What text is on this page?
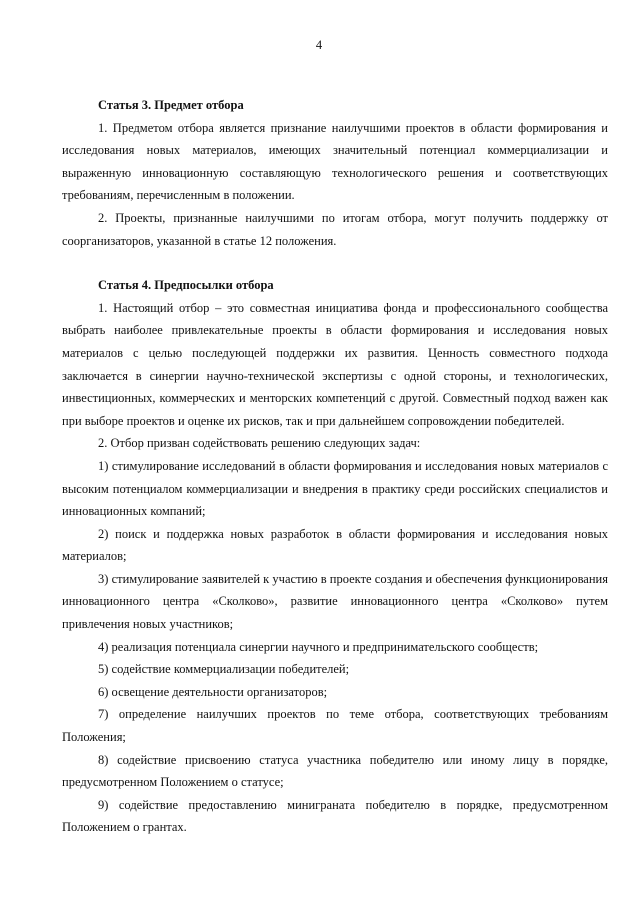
4

Статья 3. Предмет отбора

1. Предметом отбора является признание наилучшими проектов в области формирования и исследования новых материалов, имеющих значительный потенциал коммерциализации и выраженную инновационную составляющую технологического решения и соответствующих требованиям, перечисленным в положении.

2. Проекты, признанные наилучшими по итогам отбора, могут получить поддержку от соорганизаторов, указанной в статье 12 положения.

Статья 4. Предпосылки отбора

1. Настоящий отбор – это совместная инициатива фонда и профессионального сообщества выбрать наиболее привлекательные проекты в области формирования и исследования новых материалов с целью последующей поддержки их развития. Ценность совместного подхода заключается в синергии научно-технической экспертизы с одной стороны, и технологических, инвестиционных, коммерческих и менторских компетенций с другой. Совместный подход важен как при выборе проектов и оценке их рисков, так и при дальнейшем сопровождении победителей.

2. Отбор призван содействовать решению следующих задач:

1) стимулирование исследований в области формирования и исследования новых материалов с высоким потенциалом коммерциализации и внедрения в практику среди российских специалистов и инновационных компаний;

2) поиск и поддержка новых разработок в области формирования и исследования новых материалов;

3) стимулирование заявителей к участию в проекте создания и обеспечения функционирования инновационного центра «Сколково», развитие инновационного центра «Сколково» путем привлечения новых участников;

4) реализация потенциала синергии научного и предпринимательского сообществ;

5) содействие коммерциализации победителей;

6) освещение деятельности организаторов;

7) определение наилучших проектов по теме отбора, соответствующих требованиям Положения;

8) содействие присвоению статуса участника победителю или иному лицу в порядке, предусмотренном Положением о статусе;

9) содействие предоставлению миниграната победителю в порядке, предусмотренном Положением о грантах.
